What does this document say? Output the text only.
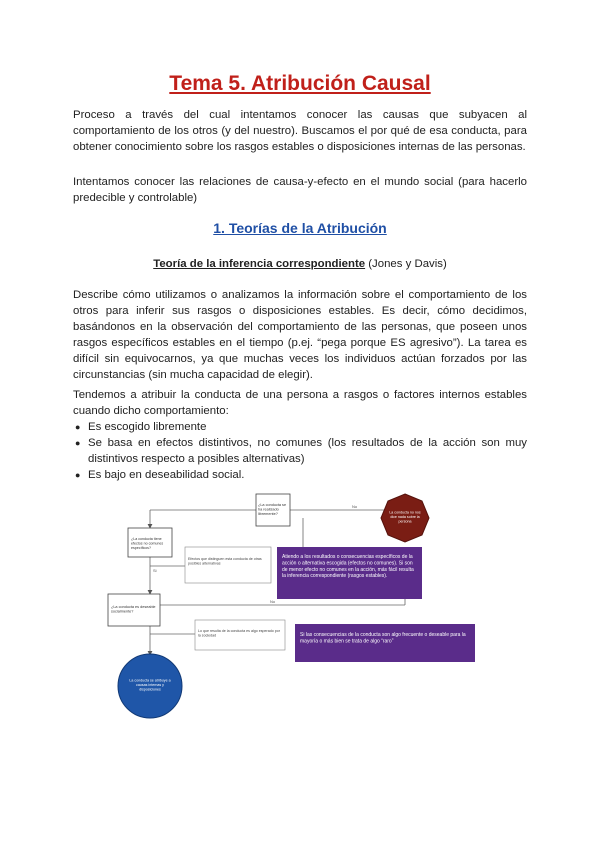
Tema 5. Atribución Causal

Proceso a través del cual intentamos conocer las causas que subyacen al comportamiento de los otros (y del nuestro). Buscamos el por qué de esa conducta, para obtener conocimiento sobre los rasgos estables o disposiciones internas de las personas.

Intentamos conocer las relaciones de causa-y-efecto en el mundo social (para hacerlo predecible y controlable)

1. Teorías de la Atribución
Teoría de la inferencia correspondiente (Jones y Davis)

Describe cómo utilizamos o analizamos la información sobre el comportamiento de los otros para inferir sus rasgos o disposiciones estables. Es decir, cómo decidimos, basándonos en la observación del comportamiento de las personas, que poseen unos rasgos específicos estables en el tiempo (p.ej. “pega porque ES agresivo”). La tarea es difícil sin equivocarnos, ya que muchas veces los individuos actúan forzados por las circunstancias (sin mucha capacidad de elegir).

Tendemos a atribuir la conducta de una persona a rasgos o factores internos estables cuando dicho comportamiento:

● Es escogido libremente
● Se basa en efectos distintivos, no comunes (los resultados de la acción son muy distintivos respecto a posibles alternativas)
● Es bajo en deseabilidad social.
¿La conducta se ha realizado libremente?	La conducta no nos dice nada sobre la persona
¿La conducta tiene efectos no comunes específicos?
Efectos que distinguen esta conducta de otras posibles alternativas
Atiendo a los resultados o consecuencias específicos de la acción o alternativa escogida (efectos no comunes). Si son de menor efecto no comunes en la acción, más fácil resulta la inferencia correspondiente (rasgos estables).
¿La conducta es deseable socialmente?
Lo que resulta de la conducta es algo esperado por la sociedad	Si las consecuencias de la conducta son algo frecuente o deseable para la mayoría o más bien se trata de algo “raro”
La conducta se atribuye a causas internas y disposiciones
No
Si
No
